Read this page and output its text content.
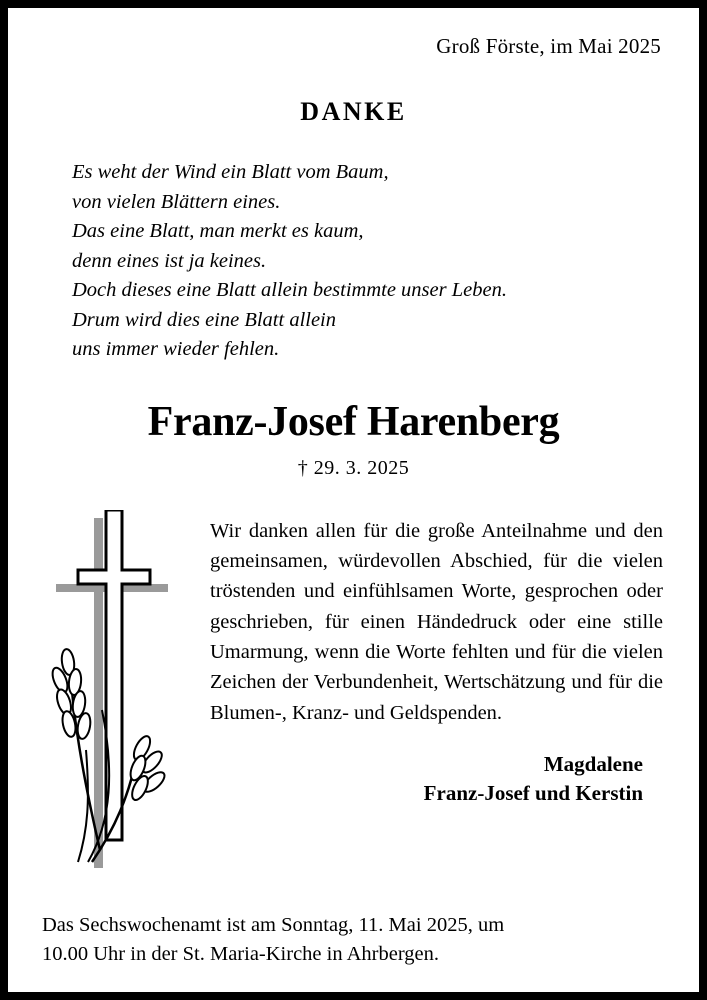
Groß Förste, im Mai 2025
DANKE
Es weht der Wind ein Blatt vom Baum,
von vielen Blättern eines.
Das eine Blatt, man merkt es kaum,
denn eines ist ja keines.
Doch dieses eine Blatt allein bestimmte unser Leben.
Drum wird dies eine Blatt allein
uns immer wieder fehlen.
Franz-Josef Harenberg
† 29. 3. 2025
Wir danken allen für die große Anteilnahme und den gemeinsamen, würdevollen Abschied, für die vielen tröstenden und einfühlsamen Worte, gesprochen oder geschrieben, für einen Händedruck oder eine stille Umarmung, wenn die Worte fehlten und für die vielen Zeichen der Verbundenheit, Wertschätzung und für die Blumen-, Kranz- und Geldspenden.
Magdalene
Franz-Josef und Kerstin
Das Sechswochenamt ist am Sonntag, 11. Mai 2025, um
10.00 Uhr in der St. Maria-Kirche in Ahrbergen.
